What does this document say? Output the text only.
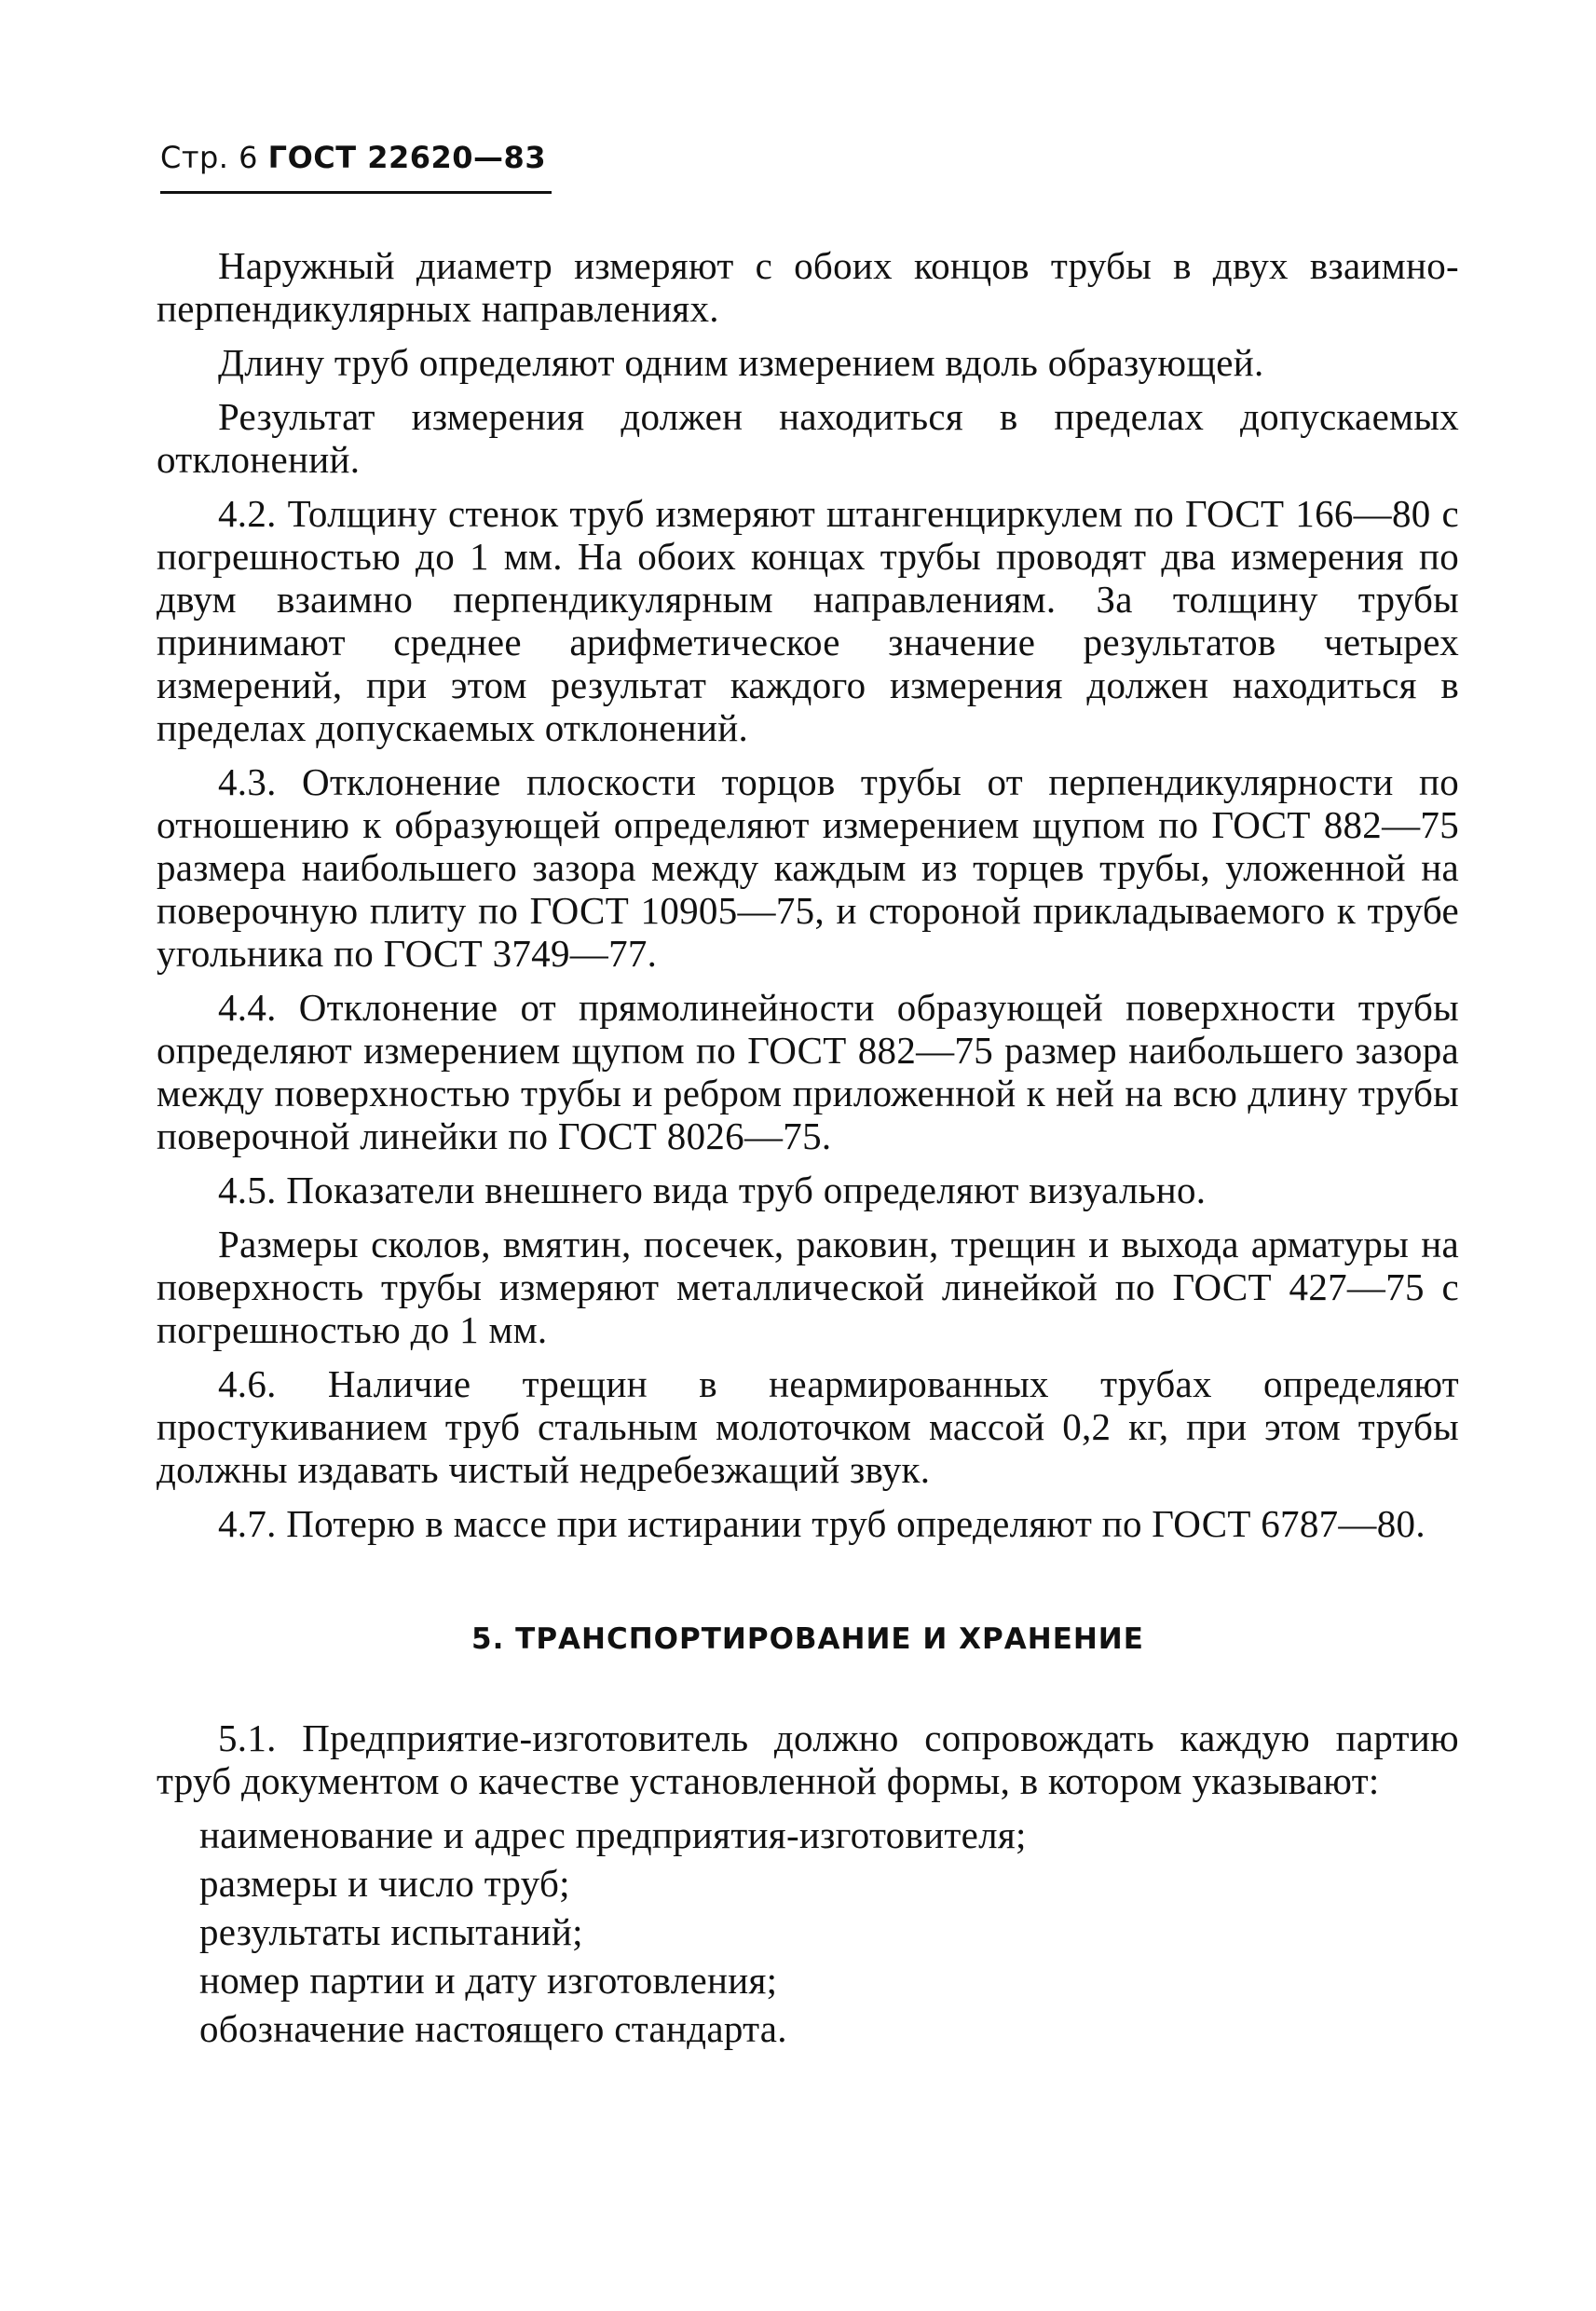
Стр. 6 ГОСТ 22620—83

Наружный диаметр измеряют с обоих концов трубы в двух взаимно-перпендикулярных направлениях.

Длину труб определяют одним измерением вдоль образующей.

Результат измерения должен находиться в пределах допускаемых отклонений.

4.2. Толщину стенок труб измеряют штангенциркулем по ГОСТ 166—80 с погрешностью до 1 мм. На обоих концах трубы проводят два измерения по двум взаимно перпендикулярным направлениям. За толщину трубы принимают среднее арифметическое значение результатов четырех измерений, при этом результат каждого измерения должен находиться в пределах допускаемых отклонений.

4.3. Отклонение плоскости торцов трубы от перпендикулярности по отношению к образующей определяют измерением щупом по ГОСТ 882—75 размера наибольшего зазора между каждым из торцев трубы, уложенной на поверочную плиту по ГОСТ 10905—75, и стороной прикладываемого к трубе угольника по ГОСТ 3749—77.

4.4. Отклонение от прямолинейности образующей поверхности трубы определяют измерением щупом по ГОСТ 882—75 размер наибольшего зазора между поверхностью трубы и ребром приложенной к ней на всю длину трубы поверочной линейки по ГОСТ 8026—75.

4.5. Показатели внешнего вида труб определяют визуально.

Размеры сколов, вмятин, посечек, раковин, трещин и выхода арматуры на поверхность трубы измеряют металлической линейкой по ГОСТ 427—75 с погрешностью до 1 мм.

4.6. Наличие трещин в неармированных трубах определяют простукиванием труб стальным молоточком массой 0,2 кг, при этом трубы должны издавать чистый недребезжащий звук.

4.7. Потерю в массе при истирании труб определяют по ГОСТ 6787—80.

5. ТРАНСПОРТИРОВАНИЕ И ХРАНЕНИЕ

5.1. Предприятие-изготовитель должно сопровождать каждую партию труб документом о качестве установленной формы, в котором указывают:

наименование и адрес предприятия-изготовителя;
размеры и число труб;
результаты испытаний;
номер партии и дату изготовления;
обозначение настоящего стандарта.
